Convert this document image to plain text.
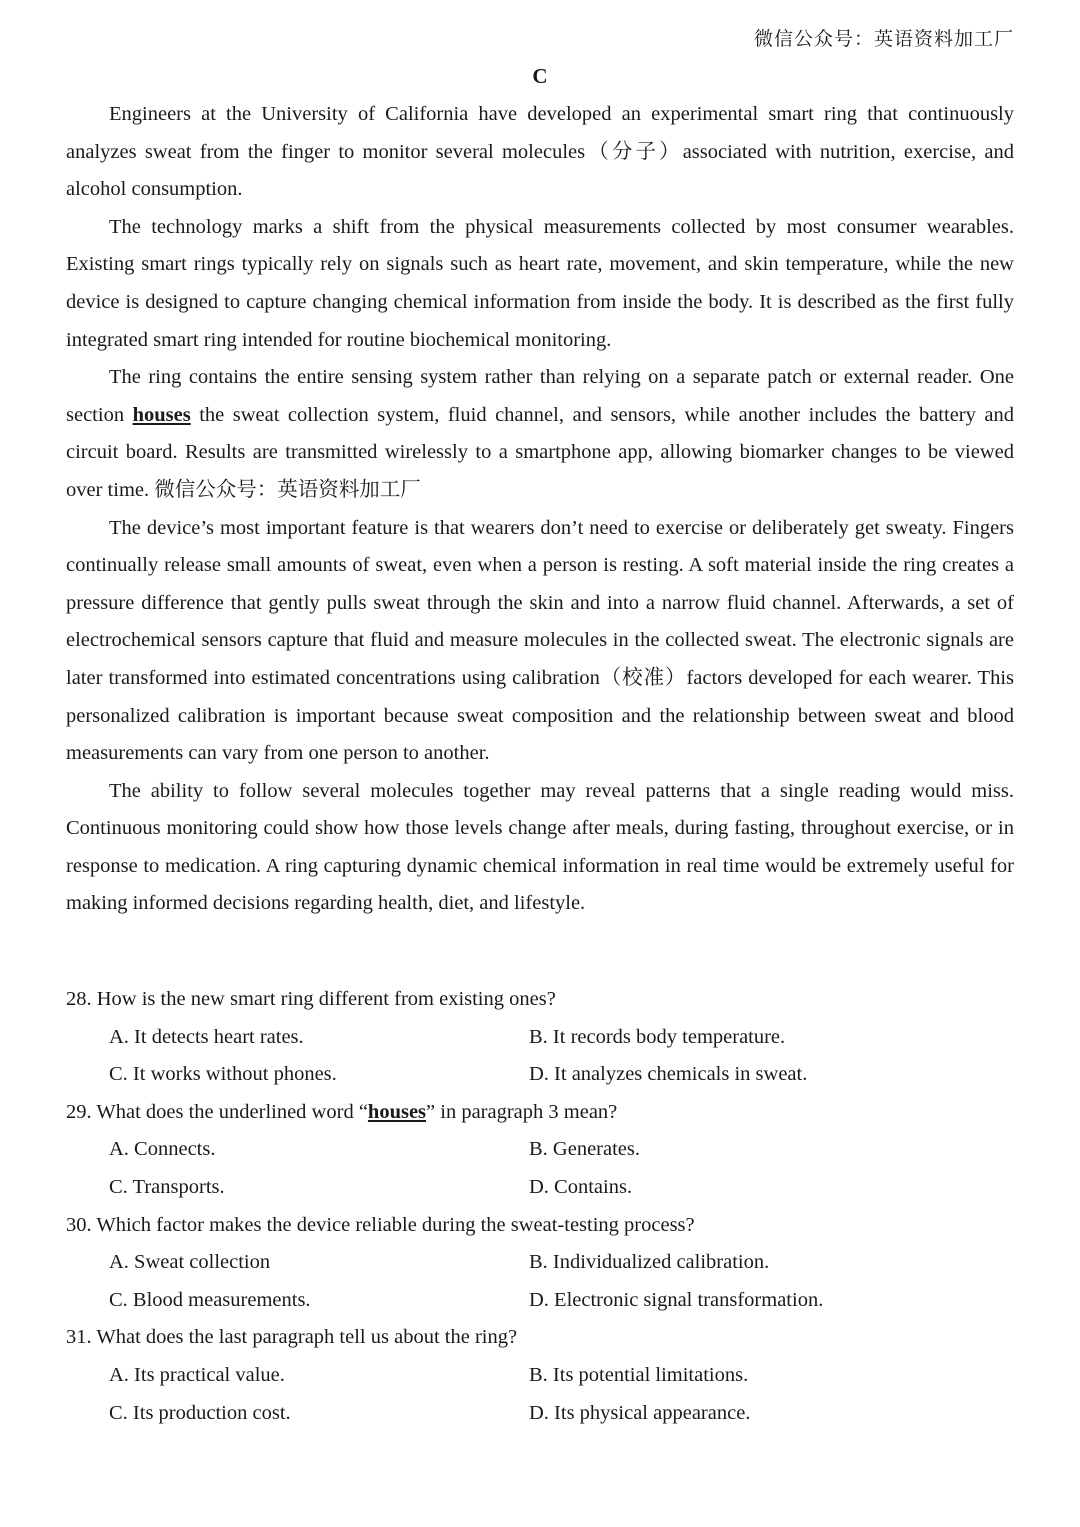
微信公众号：英语资料加工厂
C

Engineers at the University of California have developed an experimental smart ring that continuously analyzes sweat from the finger to monitor several molecules（分子）associated with nutrition, exercise, and alcohol consumption.

The technology marks a shift from the physical measurements collected by most consumer wearables. Existing smart rings typically rely on signals such as heart rate, movement, and skin temperature, while the new device is designed to capture changing chemical information from inside the body. It is described as the first fully integrated smart ring intended for routine biochemical monitoring.

The ring contains the entire sensing system rather than relying on a separate patch or external reader. One section houses the sweat collection system, fluid channel, and sensors, while another includes the battery and circuit board. Results are transmitted wirelessly to a smartphone app, allowing biomarker changes to be viewed over time. 微信公众号：英语资料加工厂

The device’s most important feature is that wearers don’t need to exercise or deliberately get sweaty. Fingers continually release small amounts of sweat, even when a person is resting. A soft material inside the ring creates a pressure difference that gently pulls sweat through the skin and into a narrow fluid channel. Afterwards, a set of electrochemical sensors capture that fluid and measure molecules in the collected sweat. The electronic signals are later transformed into estimated concentrations using calibration（校准）factors developed for each wearer. This personalized calibration is important because sweat composition and the relationship between sweat and blood measurements can vary from one person to another.

The ability to follow several molecules together may reveal patterns that a single reading would miss. Continuous monitoring could show how those levels change after meals, during fasting, throughout exercise, or in response to medication. A ring capturing dynamic chemical information in real time would be extremely useful for making informed decisions regarding health, diet, and lifestyle.

28. How is the new smart ring different from existing ones?

A. It detects heart rates.	B. It records body temperature.
C. It works without phones.	D. It analyzes chemicals in sweat.

29. What does the underlined word “houses” in paragraph 3 mean?

A. Connects.	B. Generates.
C. Transports.	D. Contains.

30. Which factor makes the device reliable during the sweat-testing process?

A. Sweat collection	B. Individualized calibration.
C. Blood measurements.	D. Electronic signal transformation.

31. What does the last paragraph tell us about the ring?

A. Its practical value.	B. Its potential limitations.
C. Its production cost.	D. Its physical appearance.
